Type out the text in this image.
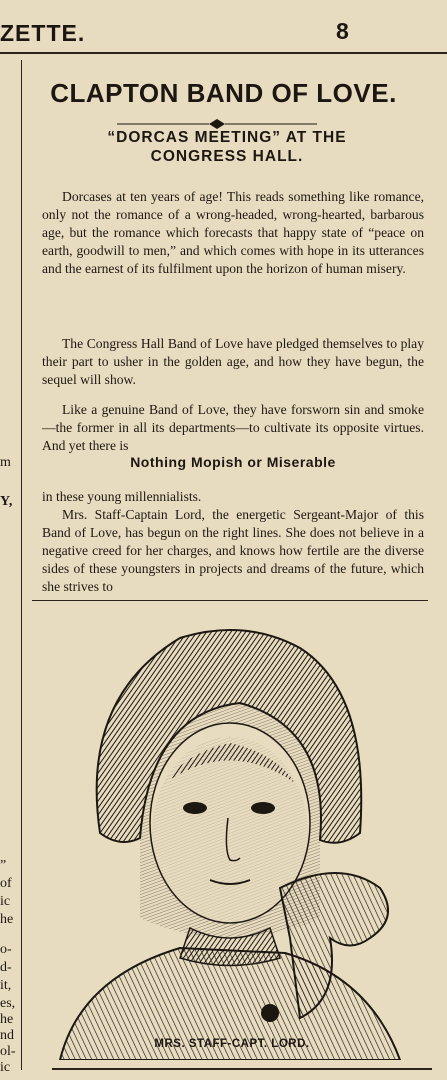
ZETTE.	8
m
Y,
”
of
ic
he
o-
d-
it,
es,
he
nd
ol-
ic
CLAPTON BAND OF LOVE.
“DORCAS MEETING” AT THE CONGRESS HALL.

Dorcases at ten years of age! This reads something like romance, only not the romance of a wrong-headed, wrong-hearted, barbarous age, but the romance which forecasts that happy state of “peace on earth, goodwill to men,” and which comes with hope in its utterances and the earnest of its fulfilment upon the horizon of human misery.

The Congress Hall Band of Love have pledged themselves to play their part to usher in the golden age, and how they have begun, the sequel will show.

Like a genuine Band of Love, they have forsworn sin and smoke—the former in all its departments—to cultivate its opposite virtues. And yet there is

Nothing Mopish or Miserable

in these young millennialists.

Mrs. Staff-Captain Lord, the energetic Sergeant-Major of this Band of Love, has begun on the right lines. She does not believe in a negative creed for her charges, and knows how fertile are the diverse sides of these youngsters in projects and dreams of the future, which she strives to

MRS. STAFF-CAPT. LORD.
